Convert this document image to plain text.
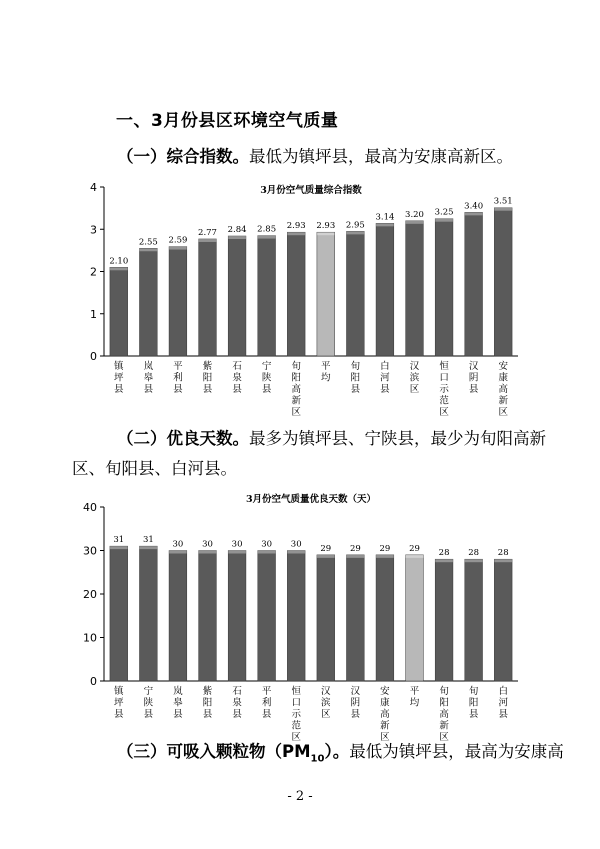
一、3月份县区环境空气质量
（一）综合指数。最低为镇坪县，最高为安康高新区。
3月份空气质量综合指数
0
1
2
3
4
2.10
镇坪县
2.55
岚皋县
2.59
平利县
2.77
紫阳县
2.84
石泉县
2.85
宁陕县
2.93
旬阳高新区
2.93
平均
2.95
旬阳县
3.14
白河县
3.20
汉滨区
3.25
恒口示范区
3.40
汉阴县
3.51
安康高新区
（二）优良天数。最多为镇坪县、宁陕县，最少为旬阳高新
区、旬阳县、白河县。
3月份空气质量优良天数（天）
0
10
20
30
40
31
镇坪县
31
宁陕县
30
岚皋县
30
紫阳县
30
石泉县
30
平利县
30
恒口示范区
29
汉滨区
29
汉阴县
29
安康高新区
29
平均
28
旬阳高新区
28
旬阳县
28
白河县
（三）可吸入颗粒物$(PM_{10})$。最低为镇坪县，最高为安康高
- 2 -
